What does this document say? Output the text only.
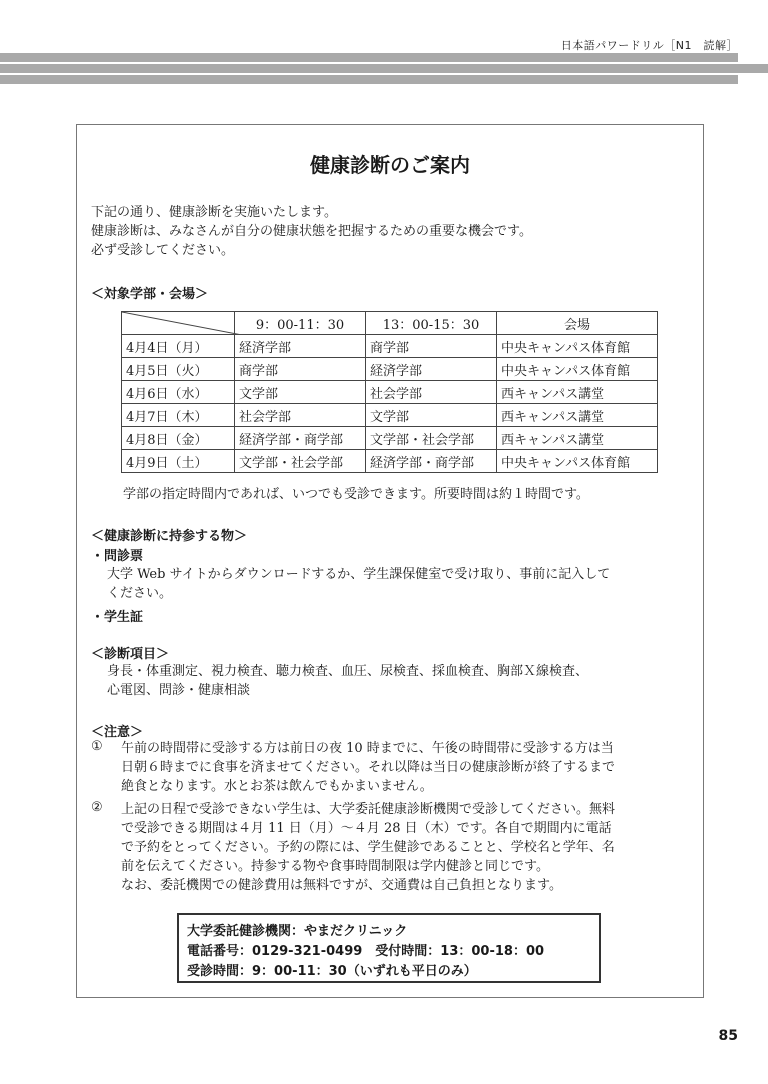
日本語パワードリル［N1　読解］
健康診断のご案内
下記の通り、健康診断を実施いたします。
健康診断は、みなさんが自分の健康状態を把握するための重要な機会です。
必ず受診してください。
＜対象学部・会場＞
	9：00-11：30	13：00-15：30	会場
4月4日（月）	経済学部	商学部	中央キャンパス体育館
4月5日（火）	商学部	経済学部	中央キャンパス体育館
4月6日（水）	文学部	社会学部	西キャンパス講堂
4月7日（木）	社会学部	文学部	西キャンパス講堂
4月8日（金）	経済学部・商学部	文学部・社会学部	西キャンパス講堂
4月9日（土）	文学部・社会学部	経済学部・商学部	中央キャンパス体育館
学部の指定時間内であれば、いつでも受診できます。所要時間は約１時間です。
＜健康診断に持参する物＞
・問診票
大学 Web サイトからダウンロードするか、学生課保健室で受け取り、事前に記入して
ください。
・学生証
＜診断項目＞
身長・体重測定、視力検査、聴力検査、血圧、尿検査、採血検査、胸部Ｘ線検査、
心電図、問診・健康相談
＜注意＞
① 午前の時間帯に受診する方は前日の夜 10 時までに、午後の時間帯に受診する方は当
日朝６時までに食事を済ませてください。それ以降は当日の健康診断が終了するまで
絶食となります。水とお茶は飲んでもかまいません。
② 上記の日程で受診できない学生は、大学委託健康診断機関で受診してください。無料
で受診できる期間は４月 11 日（月）～４月 28 日（木）です。各自で期間内に電話
で予約をとってください。予約の際には、学生健診であることと、学校名と学年、名
前を伝えてください。持参する物や食事時間制限は学内健診と同じです。
なお、委託機関での健診費用は無料ですが、交通費は自己負担となります。
大学委託健診機関：やまだクリニック
電話番号：0129-321-0499　受付時間：13：00-18：00
受診時間：9：00-11：30（いずれも平日のみ）
85
